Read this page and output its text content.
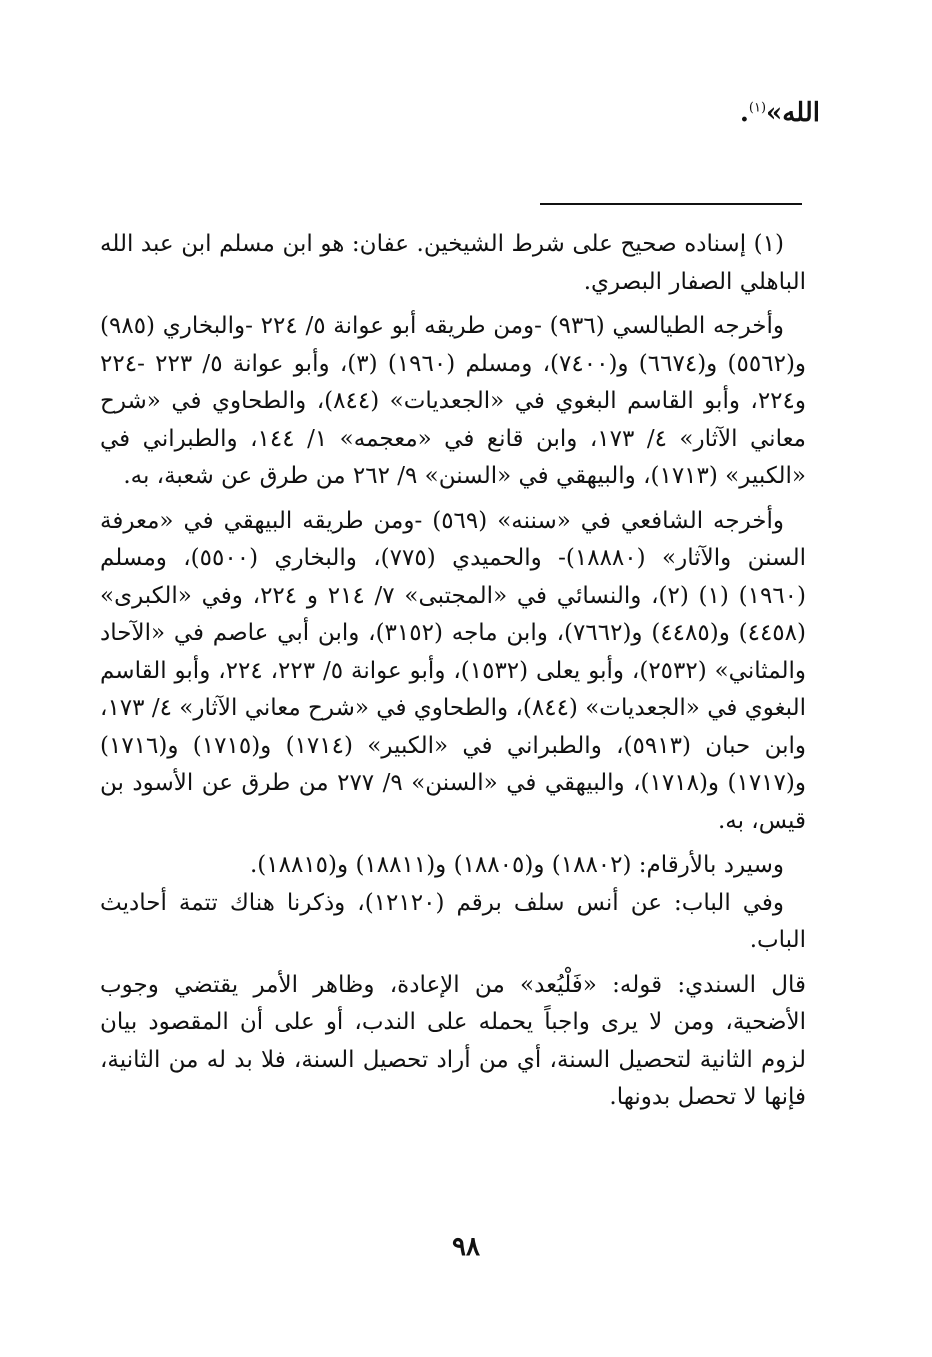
الله»$^{(١)}$.

(١) إسناده صحيح على شرط الشيخين. عفان: هو ابن مسلم ابن عبد الله الباهلي الصفار البصري.

وأخرجه الطيالسي (٩٣٦) -ومن طريقه أبو عوانة ٥/ ٢٢٤ -والبخاري (٩٨٥) و(٥٥٦٢) و(٦٦٧٤) و(٧٤٠٠)، ومسلم (١٩٦٠) (٣)، وأبو عوانة ٥/ ٢٢٣ -٢٢٤ و٢٢٤، وأبو القاسم البغوي في «الجعديات» (٨٤٤)، والطحاوي في «شرح معاني الآثار» ٤/ ١٧٣، وابن قانع في «معجمه» ١/ ١٤٤، والطبراني في «الكبير» (١٧١٣)، والبيهقي في «السنن» ٩/ ٢٦٢ من طرق عن شعبة، به.

وأخرجه الشافعي في «سننه» (٥٦٩) -ومن طريقه البيهقي في «معرفة السنن والآثار» (١٨٨٨٠)- والحميدي (٧٧٥)، والبخاري (٥٥٠٠)، ومسلم (١٩٦٠) (١) (٢)، والنسائي في «المجتبى» ٧/ ٢١٤ و ٢٢٤، وفي «الكبرى» (٤٤٥٨) و(٤٤٨٥) و(٧٦٦٢)، وابن ماجه (٣١٥٢)، وابن أبي عاصم في «الآحاد والمثاني» (٢٥٣٢)، وأبو يعلى (١٥٣٢)، وأبو عوانة ٥/ ٢٢٣، ٢٢٤، وأبو القاسم البغوي في «الجعديات» (٨٤٤)، والطحاوي في «شرح معاني الآثار» ٤/ ١٧٣، وابن حبان (٥٩١٣)، والطبراني في «الكبير» (١٧١٤) و(١٧١٥) و(١٧١٦) و(١٧١٧) و(١٧١٨)، والبيهقي في «السنن» ٩/ ٢٧٧ من طرق عن الأسود بن قيس، به.

وسيرد بالأرقام: (١٨٨٠٢) و(١٨٨٠٥) و(١٨٨١١) و(١٨٨١٥).

وفي الباب: عن أنس سلف برقم (١٢١٢٠)، وذكرنا هناك تتمة أحاديث الباب.

قال السندي: قوله: «فَلْيُعد» من الإعادة، وظاهر الأمر يقتضي وجوب الأضحية، ومن لا يرى واجباً يحمله على الندب، أو على أن المقصود بيان لزوم الثانية لتحصيل السنة، أي من أراد تحصيل السنة، فلا بد له من الثانية، فإنها لا تحصل بدونها.

٩٨
